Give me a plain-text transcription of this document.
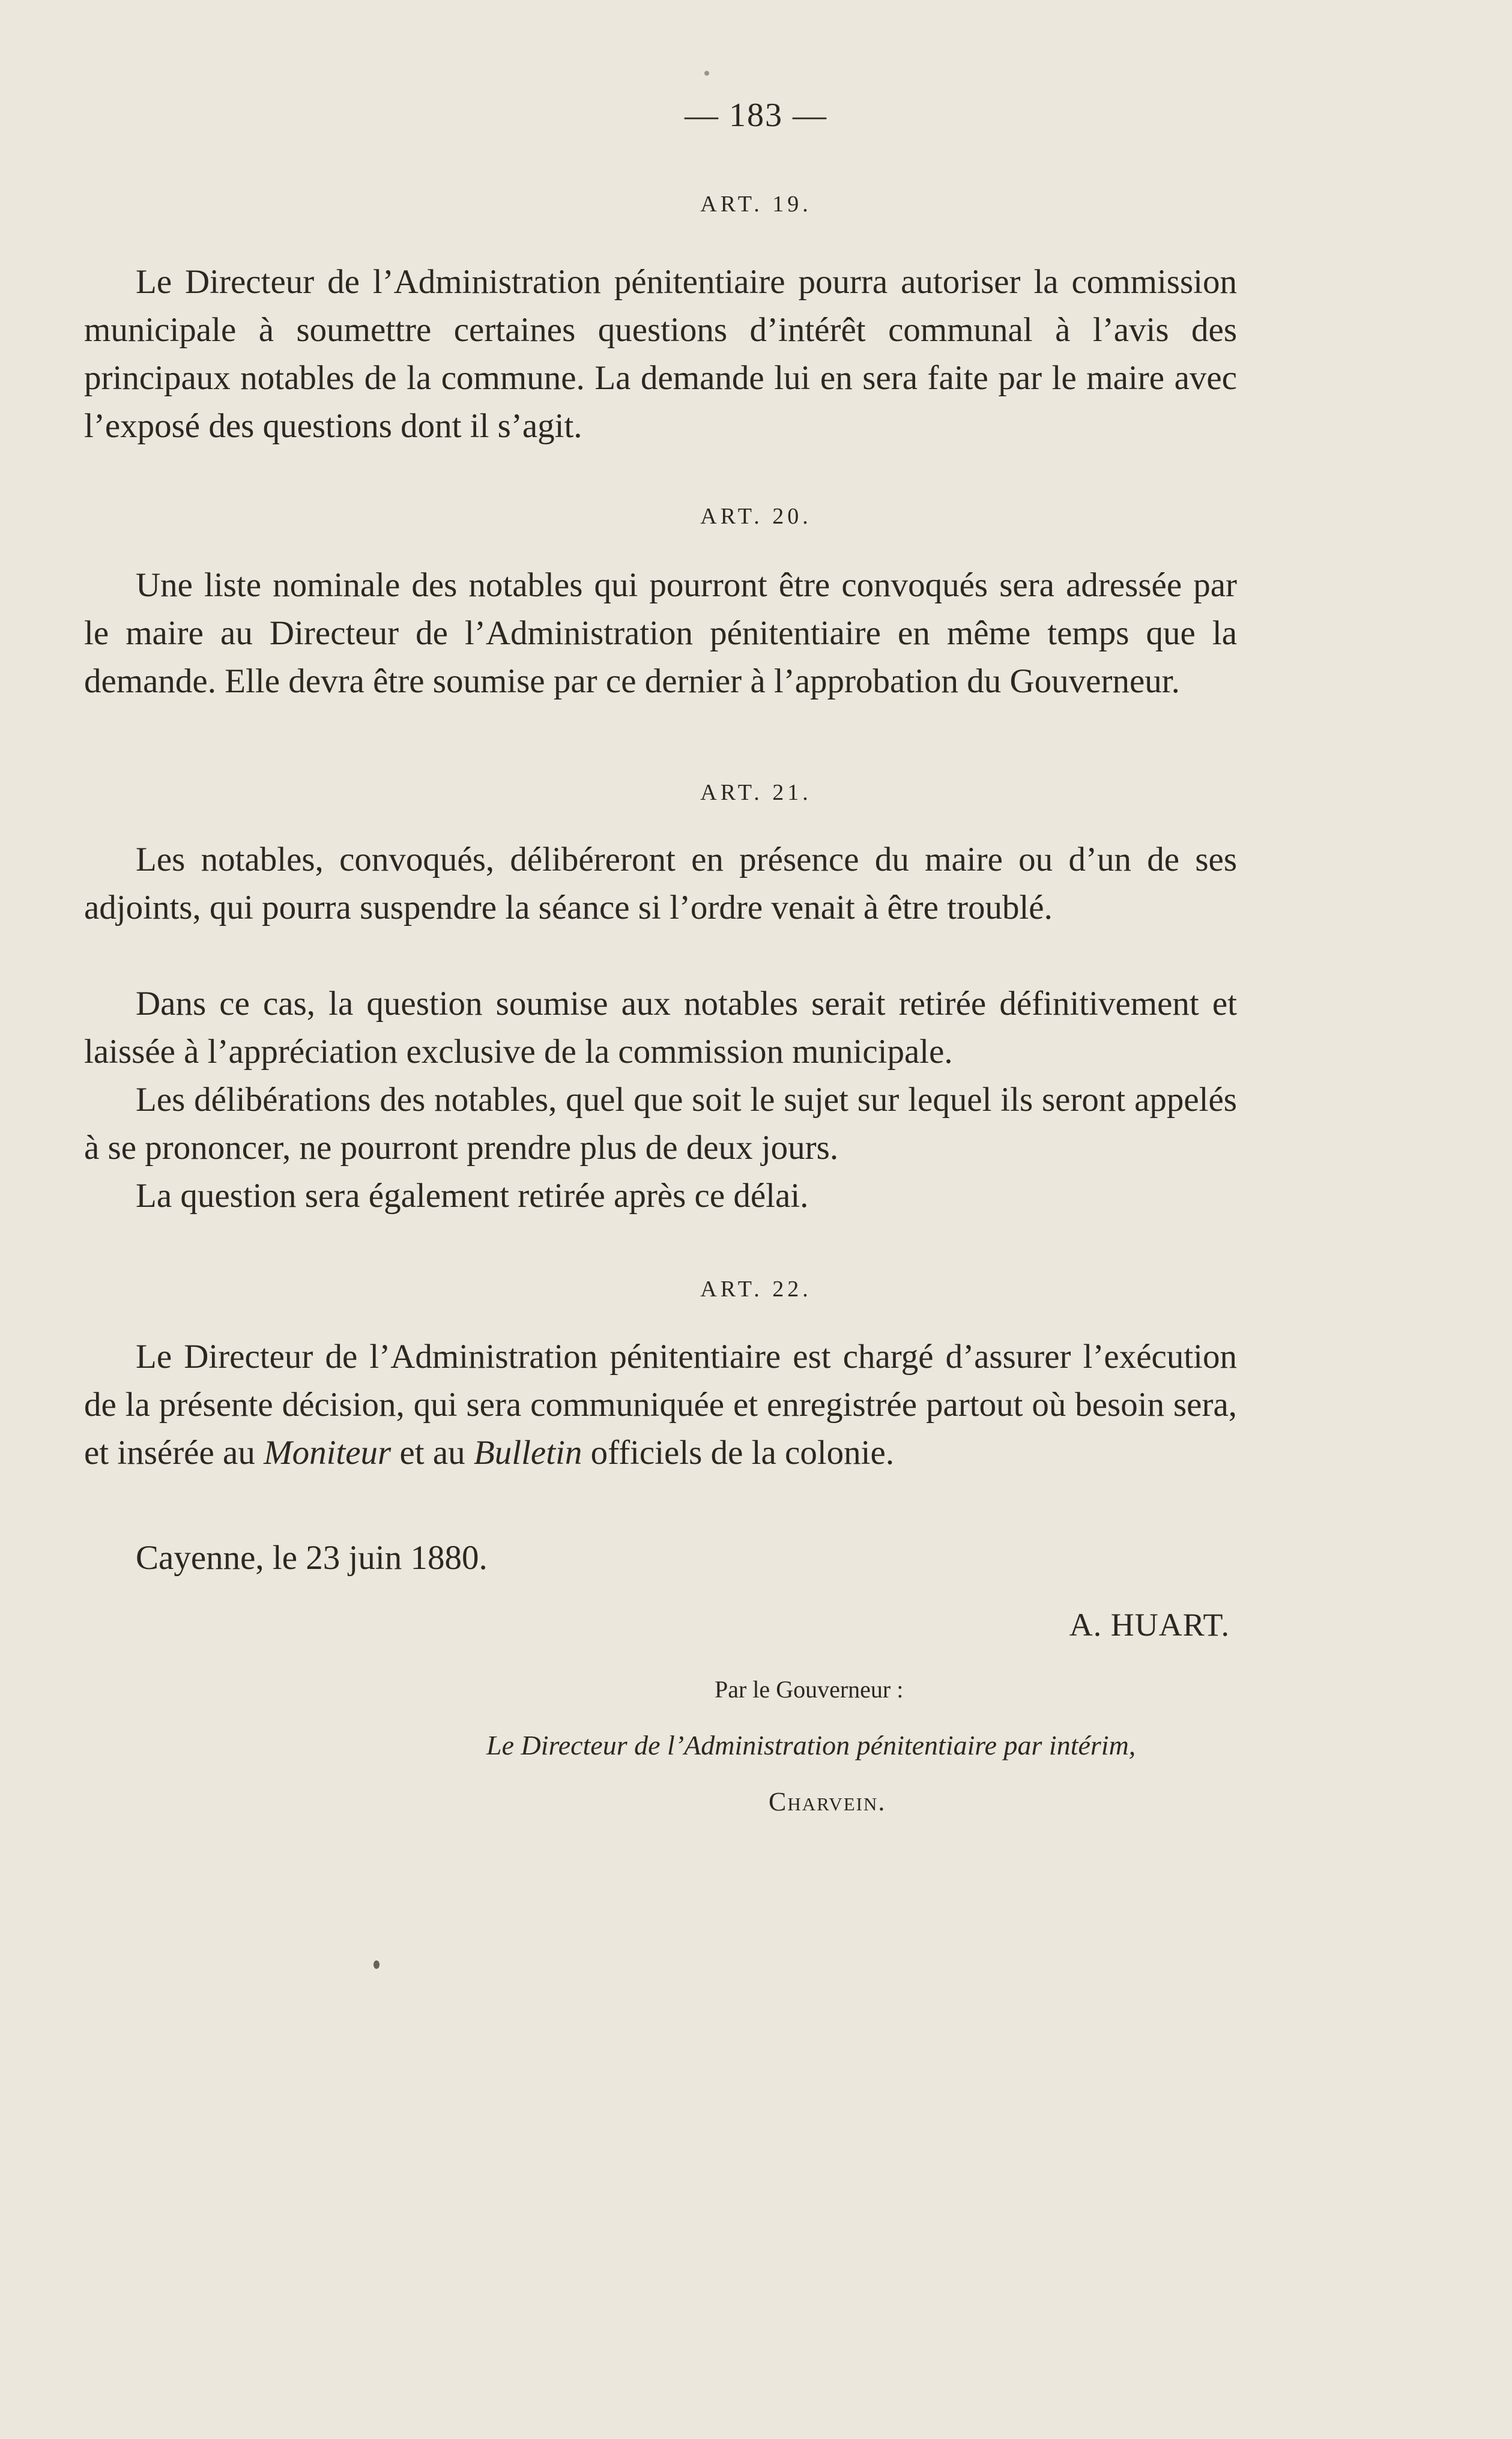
— 183 —
ART. 19.
Le Directeur de l’Administration pénitentiaire pourra autoriser la commission municipale à soumettre certaines questions d’intérêt communal à l’avis des principaux notables de la commune. La demande lui en sera faite par le maire avec l’exposé des questions dont il s’agit.
ART. 20.
Une liste nominale des notables qui pourront être convoqués sera adressée par le maire au Directeur de l’Administration pénitentiaire en même temps que la demande. Elle devra être soumise par ce dernier à l’approbation du Gouverneur.
ART. 21.
Les notables, convoqués, délibéreront en présence du maire ou d’un de ses adjoints, qui pourra suspendre la séance si l’ordre venait à être troublé.
Dans ce cas, la question soumise aux notables serait retirée définitivement et laissée à l’appréciation exclusive de la commission municipale.
Les délibérations des notables, quel que soit le sujet sur lequel ils seront appelés à se prononcer, ne pourront prendre plus de deux jours.
La question sera également retirée après ce délai.
ART. 22.
Le Directeur de l’Administration pénitentiaire est chargé d’assurer l’exécution de la présente décision, qui sera communiquée et enregistrée partout où besoin sera, et insérée au Moniteur et au Bulletin officiels de la colonie.
Cayenne, le 23 juin 1880.
A. HUART.
Par le Gouverneur :
Le Directeur de l’Administration pénitentiaire par intérim,
Charvein.
